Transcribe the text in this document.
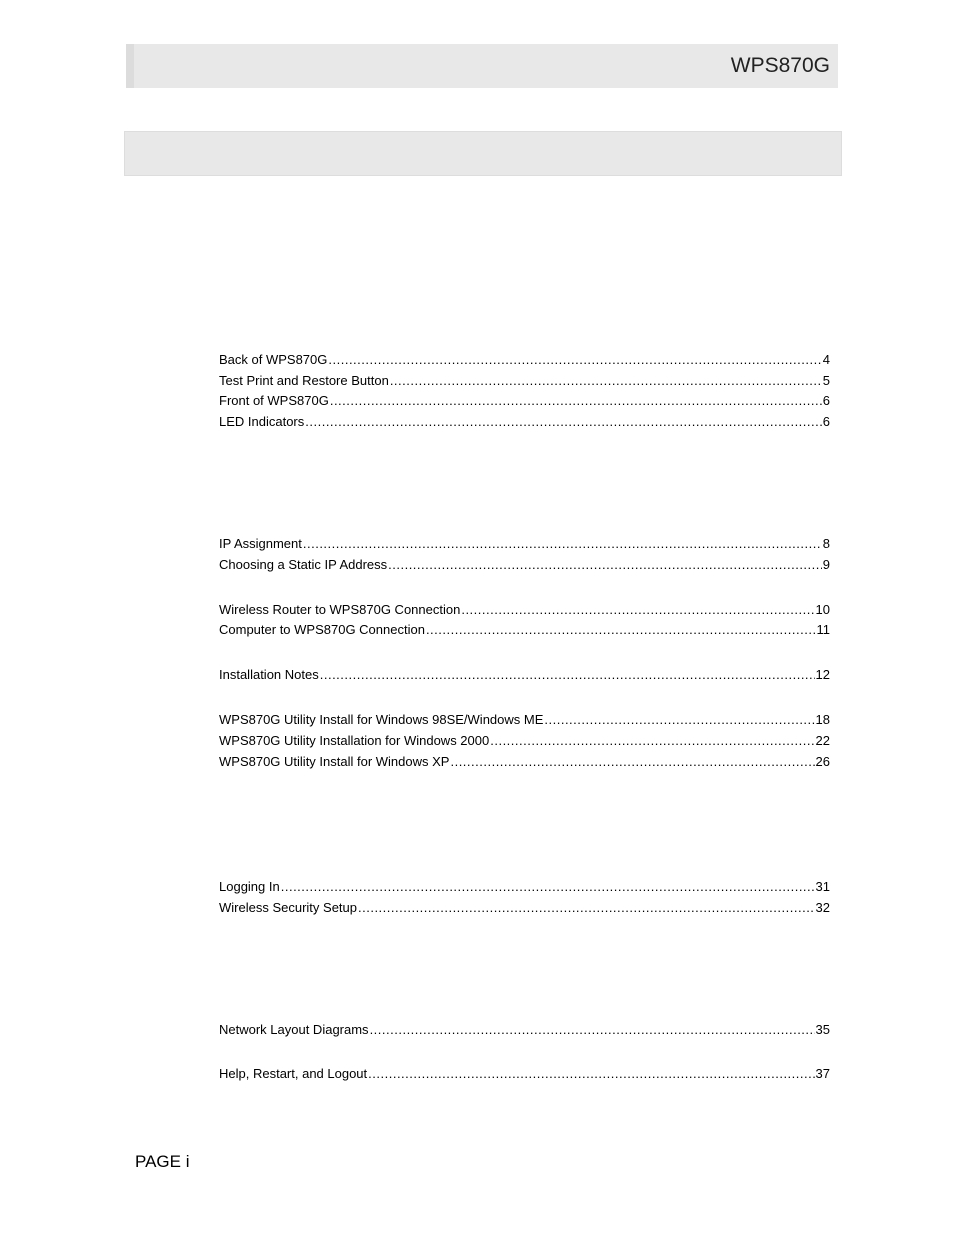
WPS870G
Back of WPS870G .....	4
Test Print and Restore Button .....	5
Front of WPS870G .....	6
LED Indicators .....	6
IP Assignment .....	8
Choosing a Static IP Address .....	9
Wireless Router to WPS870G Connection .....	10
Computer to WPS870G Connection .....	11
Installation Notes .....	12
WPS870G Utility Install for Windows 98SE/Windows ME .....	18
WPS870G Utility Installation for Windows 2000 .....	22
WPS870G Utility Install for Windows XP .....	26
Logging In .....	31
Wireless Security Setup .....	32
Network Layout Diagrams .....	35
Help, Restart, and Logout .....	37
PAGE i
